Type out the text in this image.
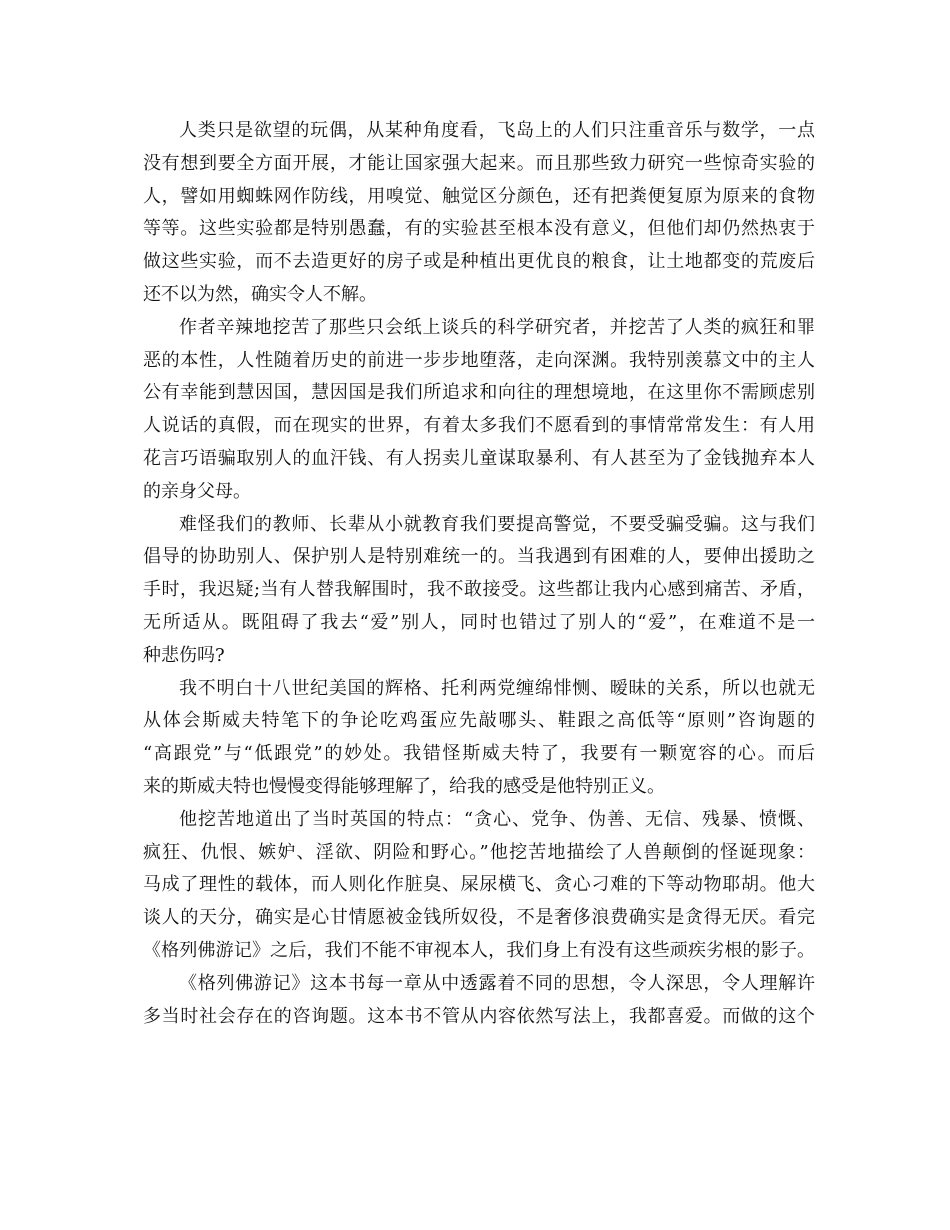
人类只是欲望的玩偶，从某种角度看，飞岛上的人们只注重音乐与数学，一点
没有想到要全方面开展，才能让国家强大起来。而且那些致力研究一些惊奇实验的
人，譬如用蜘蛛网作防线，用嗅觉、触觉区分颜色，还有把粪便复原为原来的食物
等等。这些实验都是特别愚蠢，有的实验甚至根本没有意义，但他们却仍然热衷于
做这些实验，而不去造更好的房子或是种植出更优良的粮食，让土地都变的荒废后
还不以为然，确实令人不解。
作者辛辣地挖苦了那些只会纸上谈兵的科学研究者，并挖苦了人类的疯狂和罪
恶的本性，人性随着历史的前进一步步地堕落，走向深渊。我特别羡慕文中的主人
公有幸能到慧因国，慧因国是我们所追求和向往的理想境地，在这里你不需顾虑别
人说话的真假，而在现实的世界，有着太多我们不愿看到的事情常常发生：有人用
花言巧语骗取别人的血汗钱、有人拐卖儿童谋取暴利、有人甚至为了金钱抛弃本人
的亲身父母。
难怪我们的教师、长辈从小就教育我们要提高警觉，不要受骗受骗。这与我们
倡导的协助别人、保护别人是特别难统一的。当我遇到有困难的人，要伸出援助之
手时，我迟疑;当有人替我解围时，我不敢接受。这些都让我内心感到痛苦、矛盾，
无所适从。既阻碍了我去“爱”别人，同时也错过了别人的“爱”，在难道不是一
种悲伤吗?
我不明白十八世纪美国的辉格、托利两党缠绵悱恻、暧昧的关系，所以也就无
从体会斯威夫特笔下的争论吃鸡蛋应先敲哪头、鞋跟之高低等“原则”咨询题的
“高跟党”与“低跟党”的妙处。我错怪斯威夫特了，我要有一颗宽容的心。而后
来的斯威夫特也慢慢变得能够理解了，给我的感受是他特别正义。
他挖苦地道出了当时英国的特点：“贪心、党争、伪善、无信、残暴、愤慨、
疯狂、仇恨、嫉妒、淫欲、阴险和野心。”他挖苦地描绘了人兽颠倒的怪诞现象：
马成了理性的载体，而人则化作脏臭、屎尿横飞、贪心刁难的下等动物耶胡。他大
谈人的天分，确实是心甘情愿被金钱所奴役，不是奢侈浪费确实是贪得无厌。看完
《格列佛游记》之后，我们不能不审视本人，我们身上有没有这些顽疾劣根的影子。
《格列佛游记》这本书每一章从中透露着不同的思想，令人深思，令人理解许
多当时社会存在的咨询题。这本书不管从内容依然写法上，我都喜爱。而做的这个
